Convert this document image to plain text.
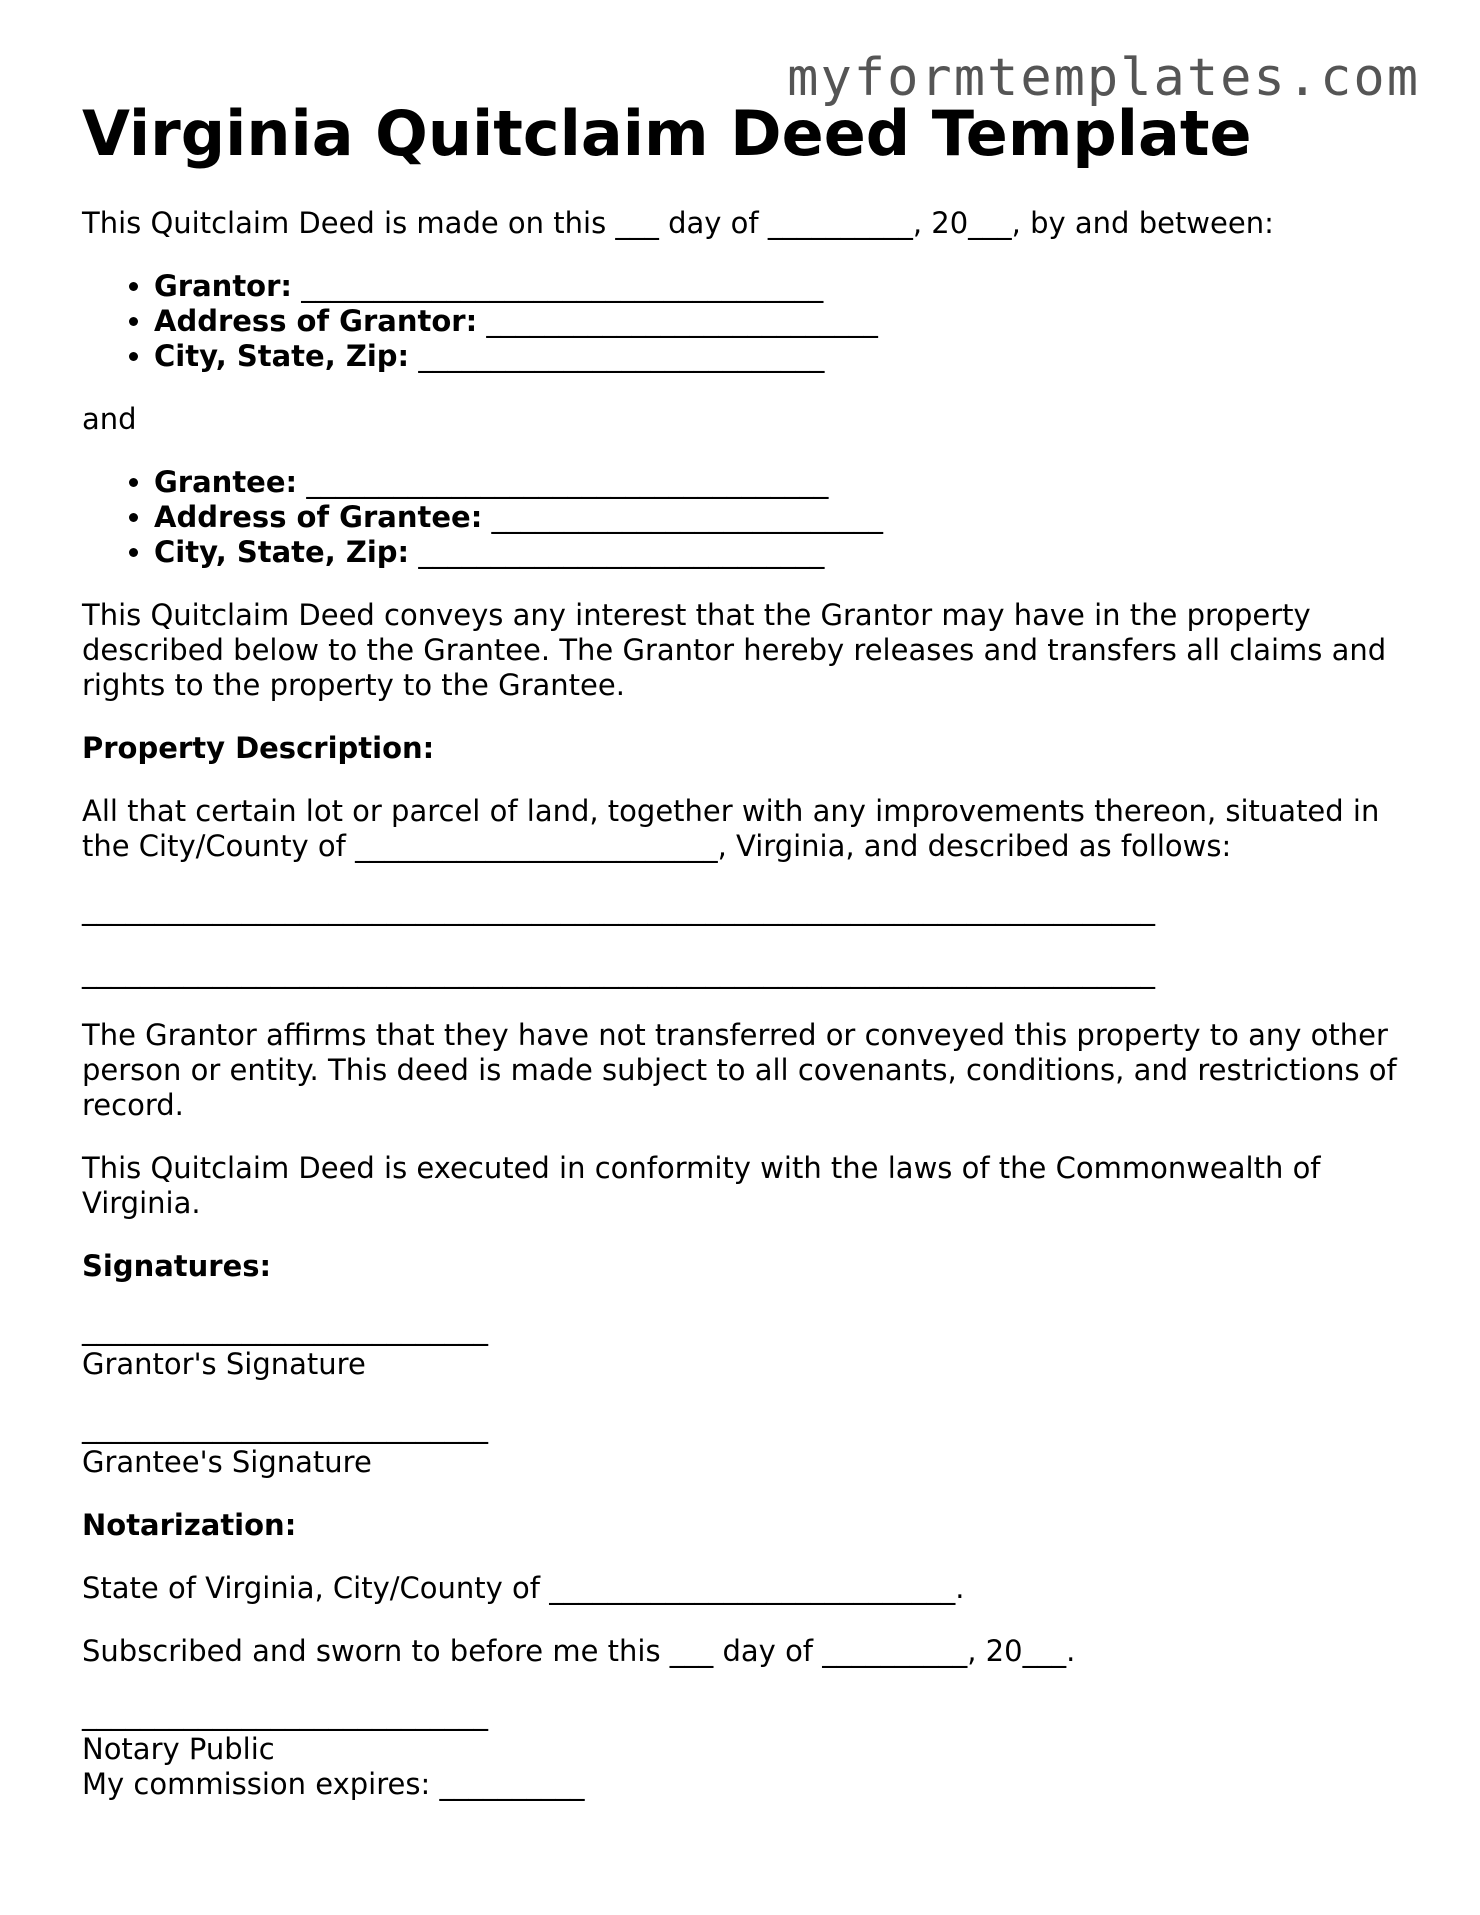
myformtemplates.com
Virginia Quitclaim Deed Template

This Quitclaim Deed is made on this ___ day of __________, 20___, by and between:

• Grantor: ____________________________________
• Address of Grantor: ___________________________
• City, State, Zip: ____________________________

and

• Grantee: ____________________________________
• Address of Grantee: ___________________________
• City, State, Zip: ____________________________

This Quitclaim Deed conveys any interest that the Grantor may have in the property described below to the Grantee. The Grantor hereby releases and transfers all claims and rights to the property to the Grantee.

Property Description:

All that certain lot or parcel of land, together with any improvements thereon, situated in the City/County of _________________________, Virginia, and described as follows:

__________________________________________________________________________
__________________________________________________________________________

The Grantor affirms that they have not transferred or conveyed this property to any other person or entity. This deed is made subject to all covenants, conditions, and restrictions of record.

This Quitclaim Deed is executed in conformity with the laws of the Commonwealth of Virginia.

Signatures:

____________________________
Grantor's Signature
____________________________
Grantee's Signature

Notarization:

State of Virginia, City/County of ____________________________.

Subscribed and sworn to before me this ___ day of __________, 20___.

____________________________
Notary Public
My commission expires: __________
